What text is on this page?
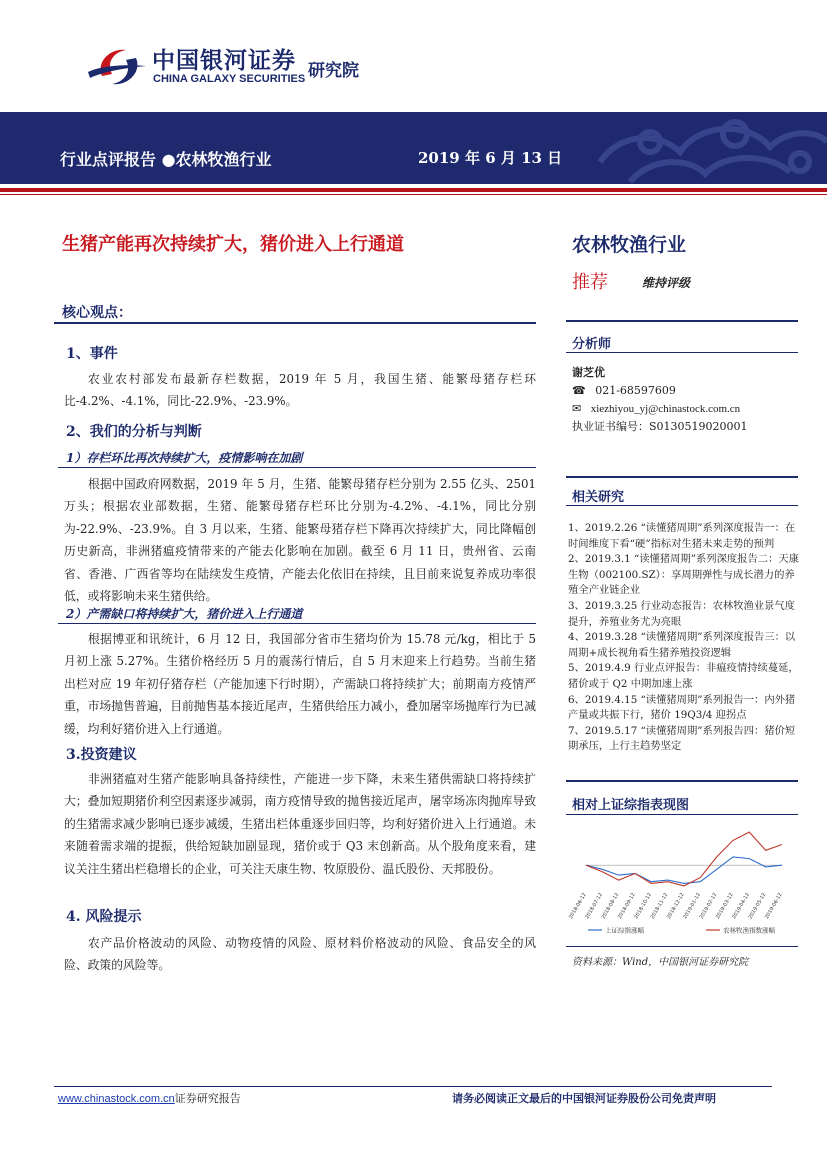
中国银河证券
CHINA GALAXY SECURITIES 研究院
行业点评报告 ●农林牧渔行业	2019 年 6 月 13 日
生猪产能再次持续扩大，猪价进入上行通道	农林牧渔行业
推荐	维持评级
核心观点：
1、事件

农业农村部发布最新存栏数据，2019 年 5 月，我国生猪、能繁母猪存栏环比-4.2%、-4.1%，同比-22.9%、-23.9%。

2、我们的分析与判断
1）存栏环比再次持续扩大，疫情影响在加剧

根据中国政府网数据，2019 年 5 月，生猪、能繁母猪存栏分别为 2.55 亿头、2501 万头；根据农业部数据，生猪、能繁母猪存栏环比分别为-4.2%、-4.1%，同比分别为-22.9%、-23.9%。自 3 月以来，生猪、能繁母猪存栏下降再次持续扩大，同比降幅创历史新高，非洲猪瘟疫情带来的产能去化影响在加剧。截至 6 月 11 日，贵州省、云南省、香港、广西省等均在陆续发生疫情，产能去化依旧在持续，且目前来说复养成功率很低，或将影响未来生猪供给。

2）产需缺口将持续扩大，猪价进入上行通道

根据博亚和讯统计，6 月 12 日，我国部分省市生猪均价为 15.78 元/kg，相比于 5 月初上涨 5.27%。生猪价格经历 5 月的震荡行情后，自 5 月末迎来上行趋势。当前生猪出栏对应 19 年初仔猪存栏（产能加速下行时期），产需缺口将持续扩大；前期南方疫情严重，市场抛售普遍，目前抛售基本接近尾声，生猪供给压力减小，叠加屠宰场抛库行为已减缓，均利好猪价进入上行通道。

3.投资建议

非洲猪瘟对生猪产能影响具备持续性，产能进一步下降，未来生猪供需缺口将持续扩大；叠加短期猪价利空因素逐步减弱，南方疫情导致的抛售接近尾声，屠宰场冻肉抛库导致的生猪需求减少影响已逐步减缓，生猪出栏体重逐步回归等，均利好猪价进入上行通道。未来随着需求端的提振，供给短缺加剧显现，猪价或于 Q3 末创新高。从个股角度来看，建议关注生猪出栏稳增长的企业，可关注天康生物、牧原股份、温氏股份、天邦股份。

4. 风险提示

农产品价格波动的风险、动物疫情的风险、原材料价格波动的风险、食品安全的风险、政策的风险等。

分析师
谢芝优
☎ 021-68597609
✉ xiezhiyou_yj@chinastock.com.cn
执业证书编号：S0130519020001
相关研究
1、2019.2.26 “读懂猪周期”系列深度报告一：在时间维度下看“硬”指标对生猪未来走势的预判
2、2019.3.1 “读懂猪周期”系列深度报告二：天康生物（002100.SZ）：享周期弹性与成长潜力的养殖全产业链企业
3、2019.3.25 行业动态报告：农林牧渔业景气度提升，养殖业务尤为亮眼
4、2019.3.28 “读懂猪周期”系列深度报告三：以周期+成长视角看生猪养殖投资逻辑
5、2019.4.9 行业点评报告：非瘟疫情持续蔓延，猪价或于 Q2 中期加速上涨
6、2019.4.15 “读懂猪周期”系列报告一：内外猪产量或共振下行，猪价 19Q3/4 迎拐点
7、2019.5.17 “读懂猪周期”系列报告四：猪价短期承压，上行主趋势坚定
相对上证综指表现图
2018-06-12
2018-07-12
2018-08-12
2018-09-12
2018-10-12
2018-11-12
2018-12-12
2019-01-12
2019-02-12
2019-03-12
2019-04-12
2019-05-12
2019-06-12
上证综指涨幅	农林牧渔指数涨幅
资料来源：Wind，中国银河证券研究院
www.chinastock.com.cn证券研究报告	请务必阅读正文最后的中国银河证券股份公司免责声明
